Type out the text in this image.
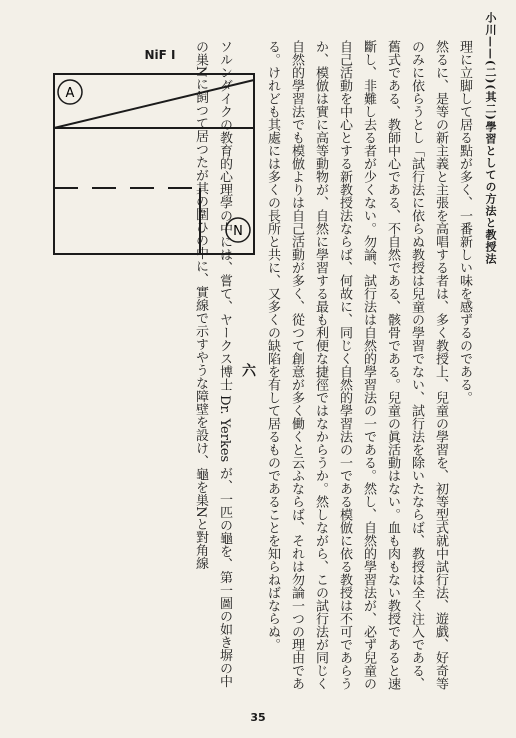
小川——(二)(其二)學習としての方法と教授法

理に立脚して居る點が多く、一番新しい味を感ずるのである。

然るに、是等の新主義と主張を高唱する者は、多く教授上、兒童の學習を、初等型式就中試行法、遊戯、好奇等のみに依らうとし「試行法に依らぬ教授は兒童の學習でない、試行法を除いたならば、教授は全く注入である、舊式である、教師中心である、不自然である、骸骨である。兒童の眞活動はない。血も肉もない教授であると速斷し、非難し去る者が少くない。勿論、試行法は自然的學習法の一である。然し、自然的學習法が、必ず兒童の自己活動を中心とする新教授法ならば、何故に、同じく自然的學習法の一である模倣に依る教授は不可であらうか、模倣は實に高等動物が、自然に學習する最も利便な捷徑ではなからうか。然しながら、この試行法が同じく自然的學習法でも模倣よりは自己活動が多く、從つて創意が多く働くと云ふならば、それは勿論一つの理由である。けれども其處には多くの長所と共に、又多くの缺陷を有して居るものであることを知らねばならぬ。

六

ソルンダイクの教育的心理學の中には、嘗て、ヤークス博士 Dr. Yerkes が、一匹の龜を、第一圖の如き塀の中の巣Nに飼つて居つたが其の圍ひの中に、實線で示すやうな障壁を設け、龜を巣Nと對角線

NiF I
A
N
35
